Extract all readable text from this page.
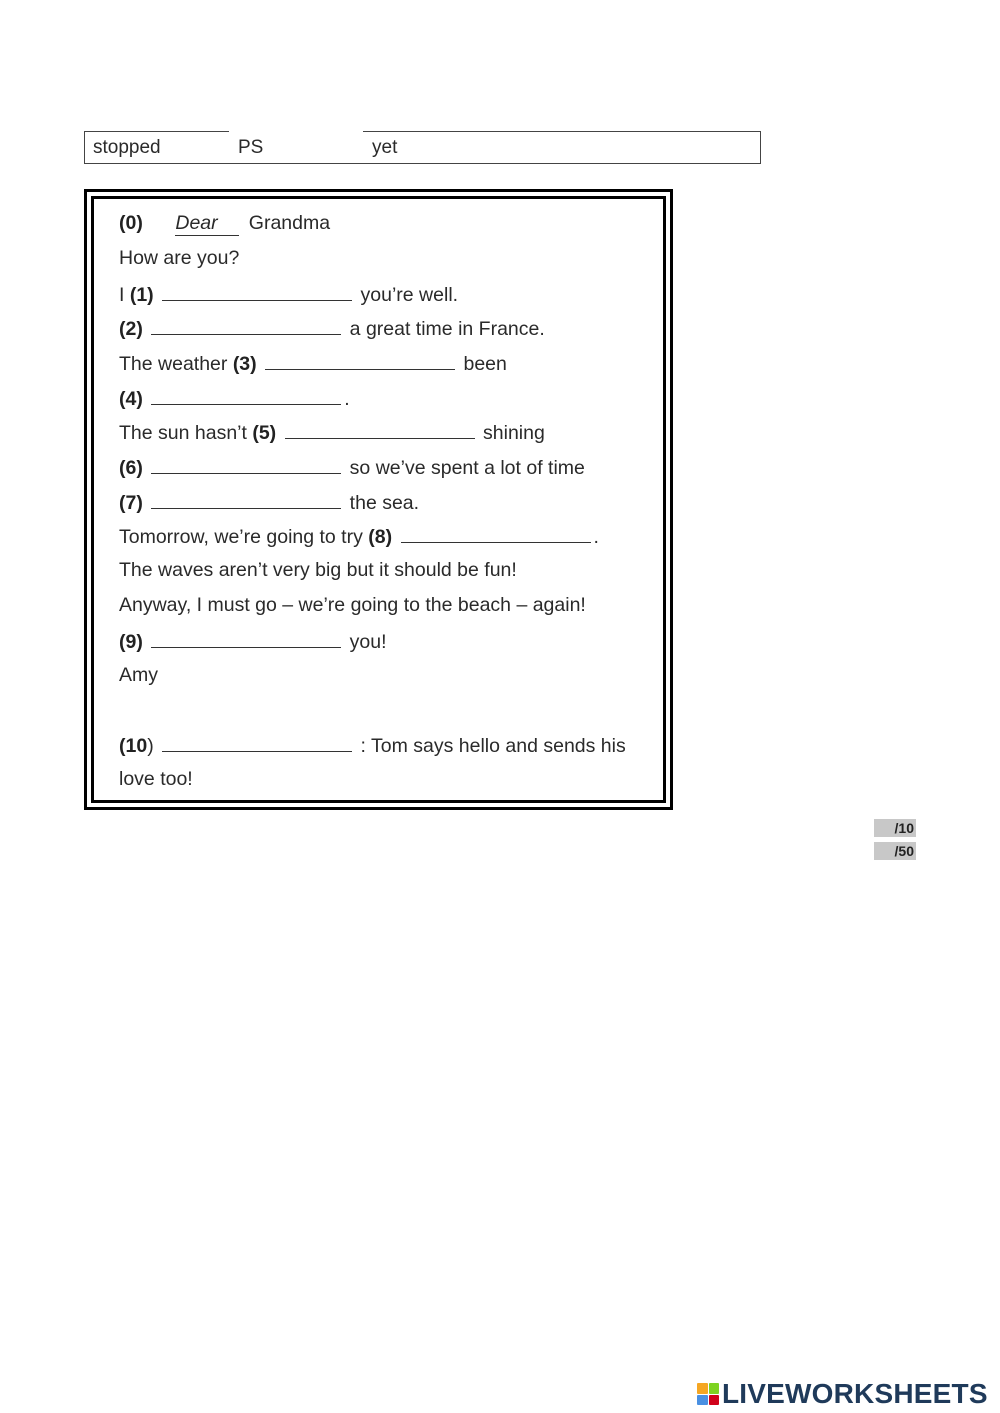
stopped	PS	yet
(0) Dear Grandma
How are you?
I (1)	you’re well.
(2)	a great time in France.
The weather (3)	been
(4)	.
The sun hasn’t (5)	shining
(6)	so we’ve spent a lot of time
(7)	the sea.
Tomorrow, we’re going to try (8)	.
The waves aren’t very big but it should be fun!
Anyway, I must go – we’re going to the beach – again!
(9)	you!
Amy
(10)	: Tom says hello and sends his
love too!
/10
/50
LIVEWORKSHEETS
